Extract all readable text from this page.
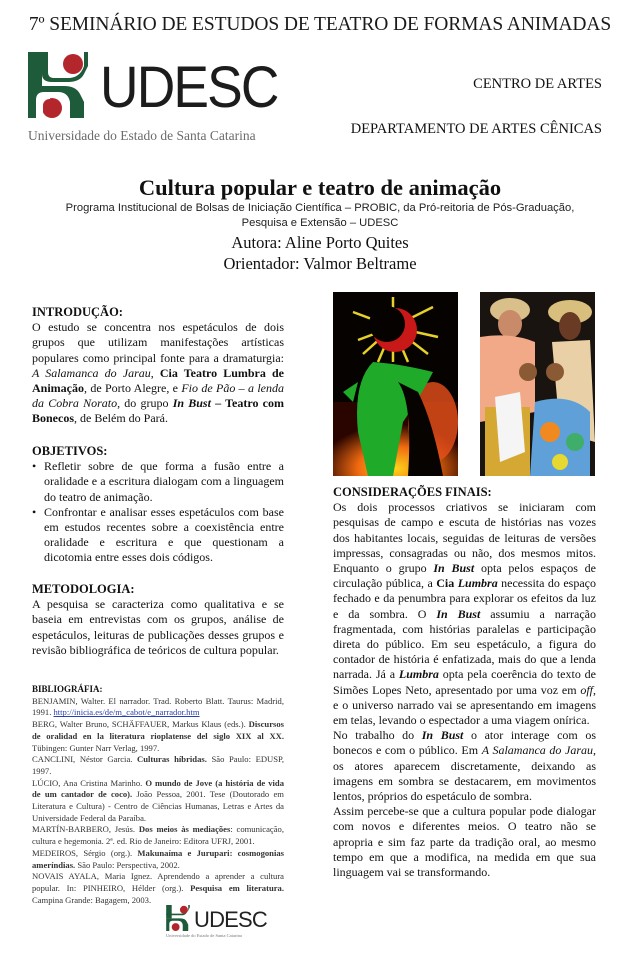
7º SEMINÁRIO DE ESTUDOS DE TEATRO DE FORMAS ANIMADAS
UDESC
Universidade do Estado de Santa Catarina
CENTRO DE ARTES
DEPARTAMENTO DE ARTES CÊNICAS
Cultura popular e teatro de animação
Programa Institucional de Bolsas de Iniciação Científica – PROBIC, da Pró-reitoria de Pós-Graduação,
Pesquisa e Extensão – UDESC
Autora: Aline Porto Quites
Orientador: Valmor Beltrame

INTRODUÇÃO:

O estudo se concentra nos espetáculos de dois grupos que utilizam manifestações artísticas populares como principal fonte para a dramaturgia: A Salamanca do Jarau, Cia Teatro Lumbra de Animação, de Porto Alegre, e Fio de Pão – a lenda da Cobra Norato, do grupo In Bust – Teatro com Bonecos, de Belém do Pará.

OBJETIVOS:

• Refletir sobre de que forma a fusão entre a oralidade e a escritura dialogam com a linguagem do teatro de animação.
• Confrontar e analisar esses espetáculos com base em estudos recentes sobre a coexistência entre oralidade e escritura e que questionam a dicotomia entre esses dois códigos.

METODOLOGIA:

A pesquisa se caracteriza como qualitativa e se baseia em entrevistas com os grupos, análise de espetáculos, leituras de publicações desses grupos e revisão bibliográfica de teóricos de cultura popular.

BIBLIOGRÁFIA:

BENJAMIN, Walter. El narrador. Trad. Roberto Blatt. Taurus: Madrid, 1991. http://inicia.es/de/m_cabot/e_narrador.htm
BERG, Walter Bruno, SCHÄFFAUER, Markus Klaus (eds.). Discursos de oralidad en la literatura rioplatense del siglo XIX al XX. Tübingen: Gunter Narr Verlag, 1997.
CANCLINI, Néstor Garcia. Culturas híbridas. São Paulo: EDUSP, 1997.
LÚCIO, Ana Cristina Marinho. O mundo de Jove (a história de vida de um cantador de coco). João Pessoa, 2001. Tese (Doutorado em Literatura e Cultura) - Centro de Ciências Humanas, Letras e Artes da Universidade Federal da Paraíba.
MARTÍN-BARBERO, Jesús. Dos meios às mediações: comunicação, cultura e hegemonia. 2ª. ed. Rio de Janeiro: Editora UFRJ, 2001.
MEDEIROS, Sérgio (org.). Makunaíma e Jurupari: cosmogonias ameríndias. São Paulo: Perspectiva, 2002.
NOVAIS AYALA, Maria Ignez. Aprendendo a aprender a cultura popular. In: PINHEIRO, Hélder (org.). Pesquisa em literatura. Campina Grande: Bagagem, 2003.

CONSIDERAÇÕES FINAIS:

Os dois processos criativos se iniciaram com pesquisas de campo e escuta de histórias nas vozes dos habitantes locais, seguidas de leituras de versões impressas, consagradas ou não, dos mesmos mitos. Enquanto o grupo In Bust opta pelos espaços de circulação pública, a Cia Lumbra necessita do espaço fechado e da penumbra para explorar os efeitos da luz e da sombra. O In Bust assumiu a narração fragmentada, com histórias paralelas e participação direta do público. Em seu espetáculo, a figura do contador de história é enfatizada, mais do que a lenda narrada. Já a Lumbra opta pela coerência do texto de Simões Lopes Neto, apresentado por uma voz em off, e o universo narrado vai se apresentando em imagens em telas, levando o espectador a uma viagem onírica.

No trabalho do In Bust o ator interage com os bonecos e com o público. Em A Salamanca do Jarau, os atores aparecem discretamente, deixando as imagens em sombra se destacarem, em movimentos lentos, próprios do espetáculo de sombra.

Assim percebe-se que a cultura popular pode dialogar com novos e diferentes meios. O teatro não se apropria e sim faz parte da tradição oral, ao mesmo tempo em que a modifica, na medida em que sua linguagem vai se transformando.

UDESC
Universidade do Estado de Santa Catarina
